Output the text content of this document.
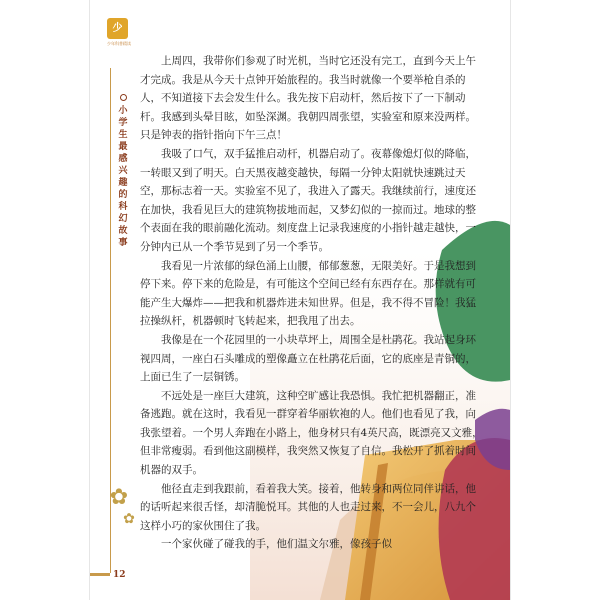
少
少年科普精读
小
学
生
最
感
兴
趣
的
科
幻
故
事
✿
✿

上周四，我带你们参观了时光机，当时它还没有完工，直到今天上午才完成。我是从今天十点钟开始旅程的。我当时就像一个要举枪自杀的人，不知道接下去会发生什么。我先按下启动杆，然后按下了一下制动杆。我感到头晕目眩，如坠深渊。我朝四周张望，实验室和原来没两样。只是钟表的指针指向下午三点！

我吸了口气，双手猛推启动杆，机器启动了。夜幕像熄灯似的降临，一转眼又到了明天。白天黑夜越变越快，每隔一分钟太阳就快速跳过天空，那标志着一天。实验室不见了，我进入了露天。我继续前行，速度还在加快，我看见巨大的建筑物拔地而起，又梦幻似的一掠而过。地球的整个表面在我的眼前融化流动。刻度盘上记录我速度的小指针越走越快，一分钟内已从一个季节晃到了另一个季节。

我看见一片浓郁的绿色涌上山腰，郁郁葱葱，无限美好。于是我想到停下来。停下来的危险是，有可能这个空间已经有东西存在。那样就有可能产生大爆炸——把我和机器炸进未知世界。但是，我不得不冒险！我猛拉操纵杆，机器顿时飞转起来，把我甩了出去。

我像是在一个花园里的一小块草坪上，周围全是杜鹃花。我站起身环视四周，一座白石头雕成的塑像矗立在杜鹃花后面，它的底座是青铜的，上面已生了一层铜锈。

不远处是一座巨大建筑，这种空旷感让我恐惧。我忙把机器翻正，准备逃跑。就在这时，我看见一群穿着华丽软袍的人。他们也看见了我，向我张望着。一个男人奔跑在小路上，他身材只有4英尺高，既漂亮又文雅，但非常瘦弱。看到他这副模样，我突然又恢复了自信。我松开了抓着时间机器的双手。

他径直走到我跟前，看着我大笑。接着，他转身和两位同伴讲话，他的话听起来很舌怪，却清脆悦耳。其他的人也走过来，不一会儿，八九个这样小巧的家伙围住了我。

一个家伙碰了碰我的手，他们温文尔雅，像孩子似

12
